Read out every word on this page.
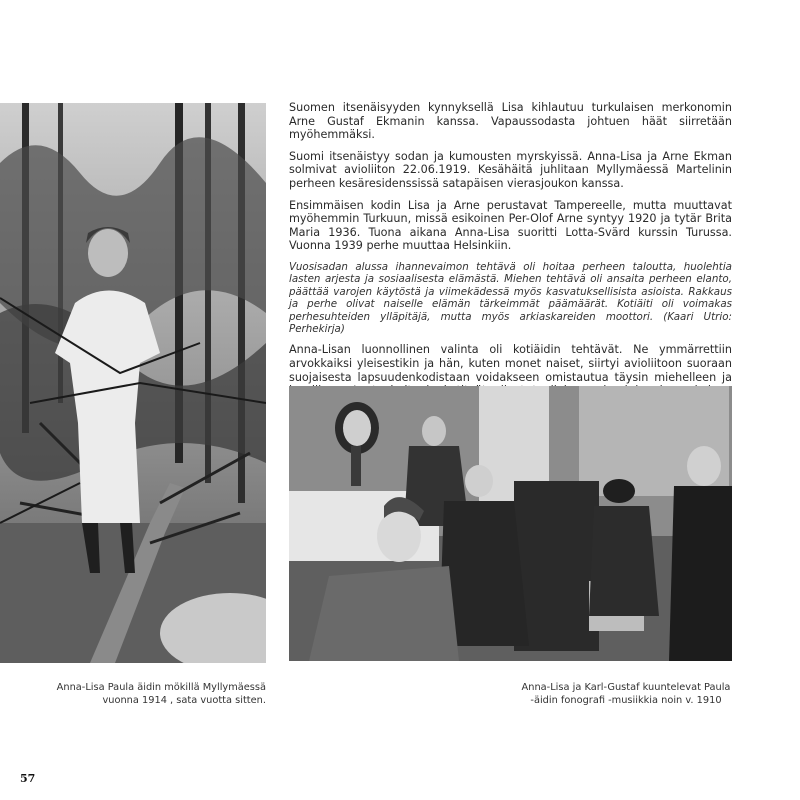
Suomen itsenäisyyden kynnyksellä Lisa kihlautuu turkulaisen merkonomin Arne Gustaf Ekmanin kanssa. Vapaussodasta johtuen häät siirretään myöhemmäksi.

Suomi itsenäistyy sodan ja kumousten myrskyissä. Anna-Lisa ja Arne Ekman solmivat avioliiton 22.06.1919. Kesähäitä juhlitaan Myllymäessä Martelinin perheen kesäresidenssissä satapäisen vierasjoukon kanssa.

Ensimmäisen kodin Lisa ja Arne perustavat Tampereelle, mutta muuttavat myöhemmin Turkuun, missä esikoinen Per-Olof Arne syntyy 1920 ja tytär Brita Maria 1936. Tuona aikana Anna-Lisa suoritti Lotta-Svärd kurssin Turussa. Vuonna 1939 perhe muuttaa Helsinkiin.

Vuosisadan alussa ihannevaimon tehtävä oli hoitaa perheen taloutta, huolehtia lasten arjesta ja sosiaalisesta elämästä. Miehen tehtävä oli ansaita perheen elanto, päättää varojen käytöstä ja viimekädessä myös kasvatuksellisista asioista. Rakkaus ja perhe olivat naiselle elämän tärkeimmät päämäärät. Kotiäiti oli voimakas perhesuhteiden ylläpitäjä, mutta myös arkiaskareiden moottori. (Kaari Utrio: Perhekirja)

Anna-Lisan luonnollinen valinta oli kotiäidin tehtävät. Ne ymmärrettiin arvokkaiksi yleisestikin ja hän, kuten monet naiset, siirtyi avioliitoon suoraan suojaisesta lapsuudenkodistaan voidakseen omistautua täysin miehelleen ja

Anna-Lisa Paula äidin mökillä Myllymäessä
vuonna 1914 , sata vuotta sitten.
Anna-Lisa ja Karl-Gustaf kuuntelevat Paula
-äidin fonografi -musiikkia noin v. 1910
57
